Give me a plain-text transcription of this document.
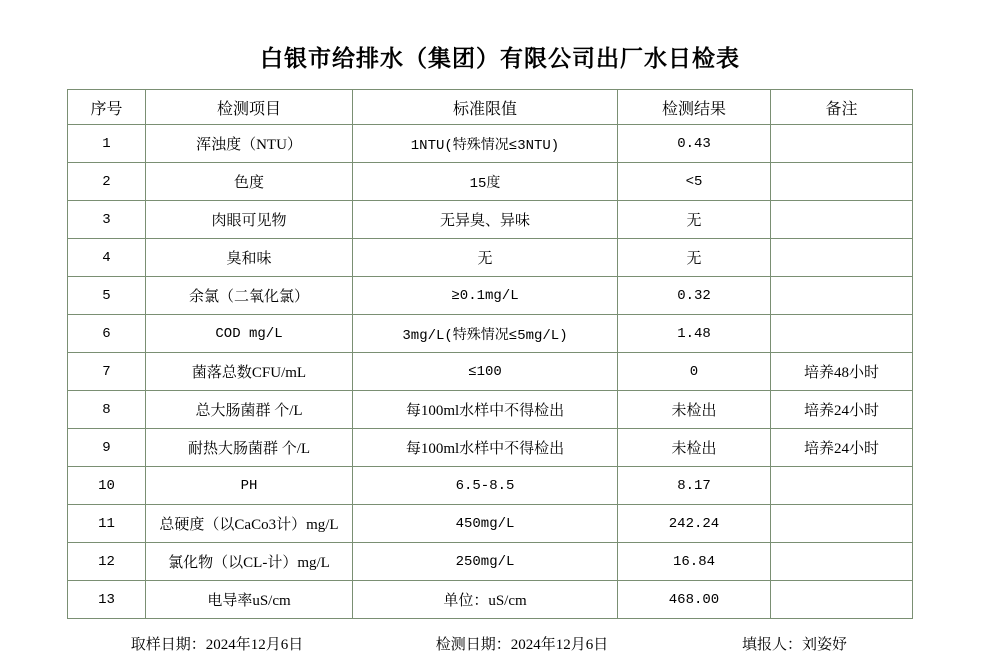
白银市给排水（集团）有限公司出厂水日检表
序号	检测项目	标准限值	检测结果	备注
1	浑浊度（NTU）	1NTU(特殊情况≤3NTU)	0.43	
2	色度	15度	<5	
3	肉眼可见物	无异臭、异味	无	
4	臭和味	无	无	
5	余氯（二氧化氯）	≥0.1mg/L	0.32	
6	COD mg/L	3mg/L(特殊情况≤5mg/L)	1.48	
7	菌落总数CFU/mL	≤100	0	培养48小时
8	总大肠菌群 个/L	每100ml水样中不得检出	未检出	培养24小时
9	耐热大肠菌群 个/L	每100ml水样中不得检出	未检出	培养24小时
10	PH	6.5-8.5	8.17	
11	总硬度（以CaCo3计）mg/L	450mg/L	242.24	
12	氯化物（以CL-计）mg/L	250mg/L	16.84	
13	电导率uS/cm	单位：uS/cm	468.00	
取样日期：2024年12月6日	检测日期：2024年12月6日	填报人：刘姿妤
